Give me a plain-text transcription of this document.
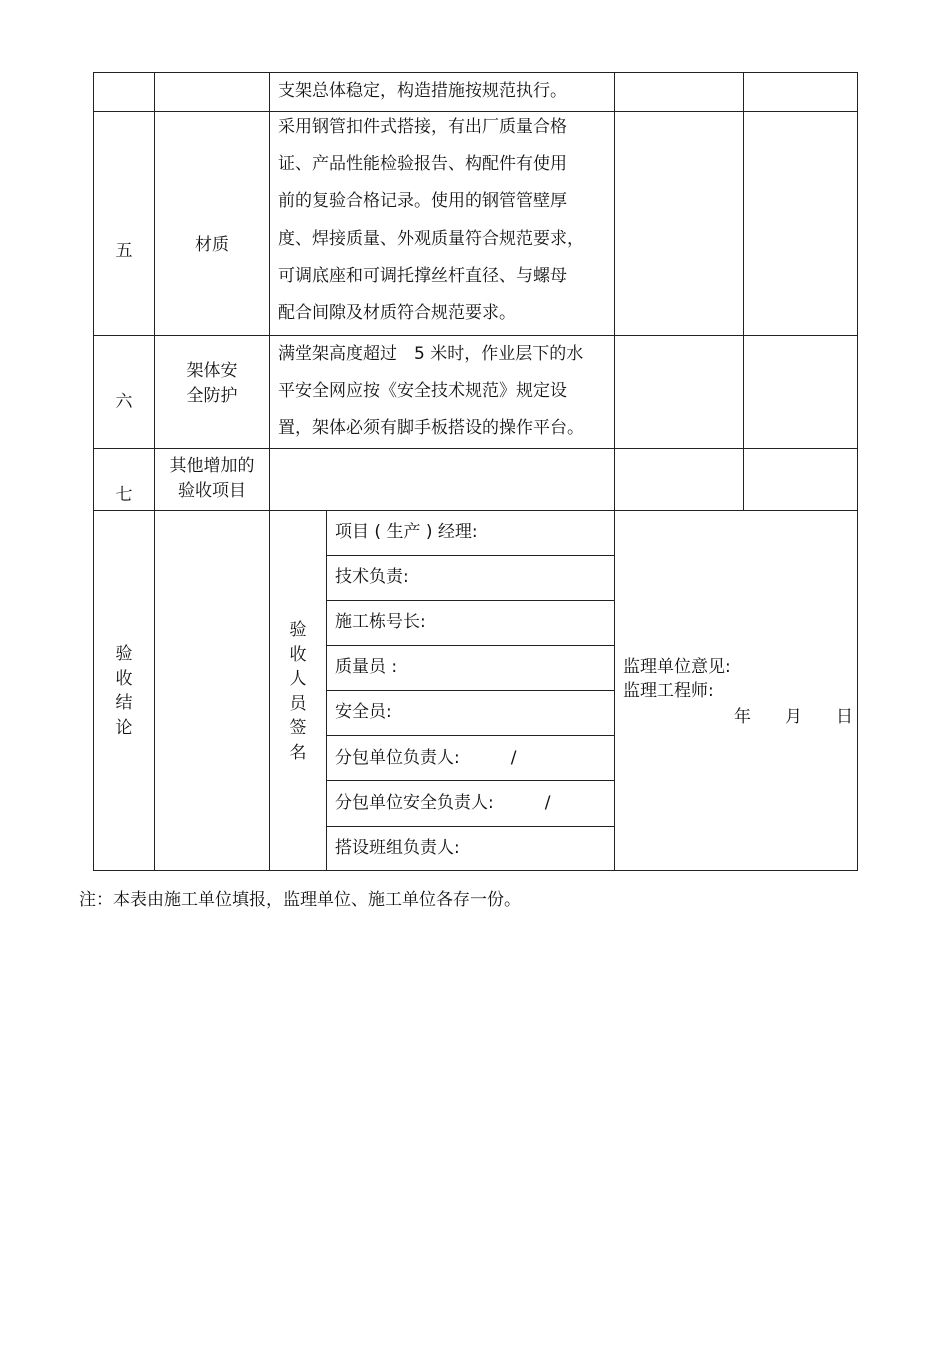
支架总体稳定，构造措施按规范执行。
五	材质
采用钢管扣件式搭接，有出厂质量合格
证、产品性能检验报告、构配件有使用
前的复验合格记录。使用的钢管管壁厚
度、焊接质量、外观质量符合规范要求，
可调底座和可调托撑丝杆直径、与螺母
配合间隙及材质符合规范要求。
六
架体安
全防护
满堂架高度超过　5 米时，作业层下的水
平安全网应按《安全技术规范》规定设
置，架体必须有脚手板搭设的操作平台。
七
其他增加的
验收项目
验
收
结
论
验
收
人
员
签
名
项目 ( 生产 ) 经理:
技术负责:
施工栋号长:
质量员 :
安全员:
分包单位负责人:　　　/
分包单位安全负责人:　　　/
搭设班组负责人:
监理单位意见:
监理工程师:
年　　月　　日
注：本表由施工单位填报，监理单位、施工单位各存一份。
